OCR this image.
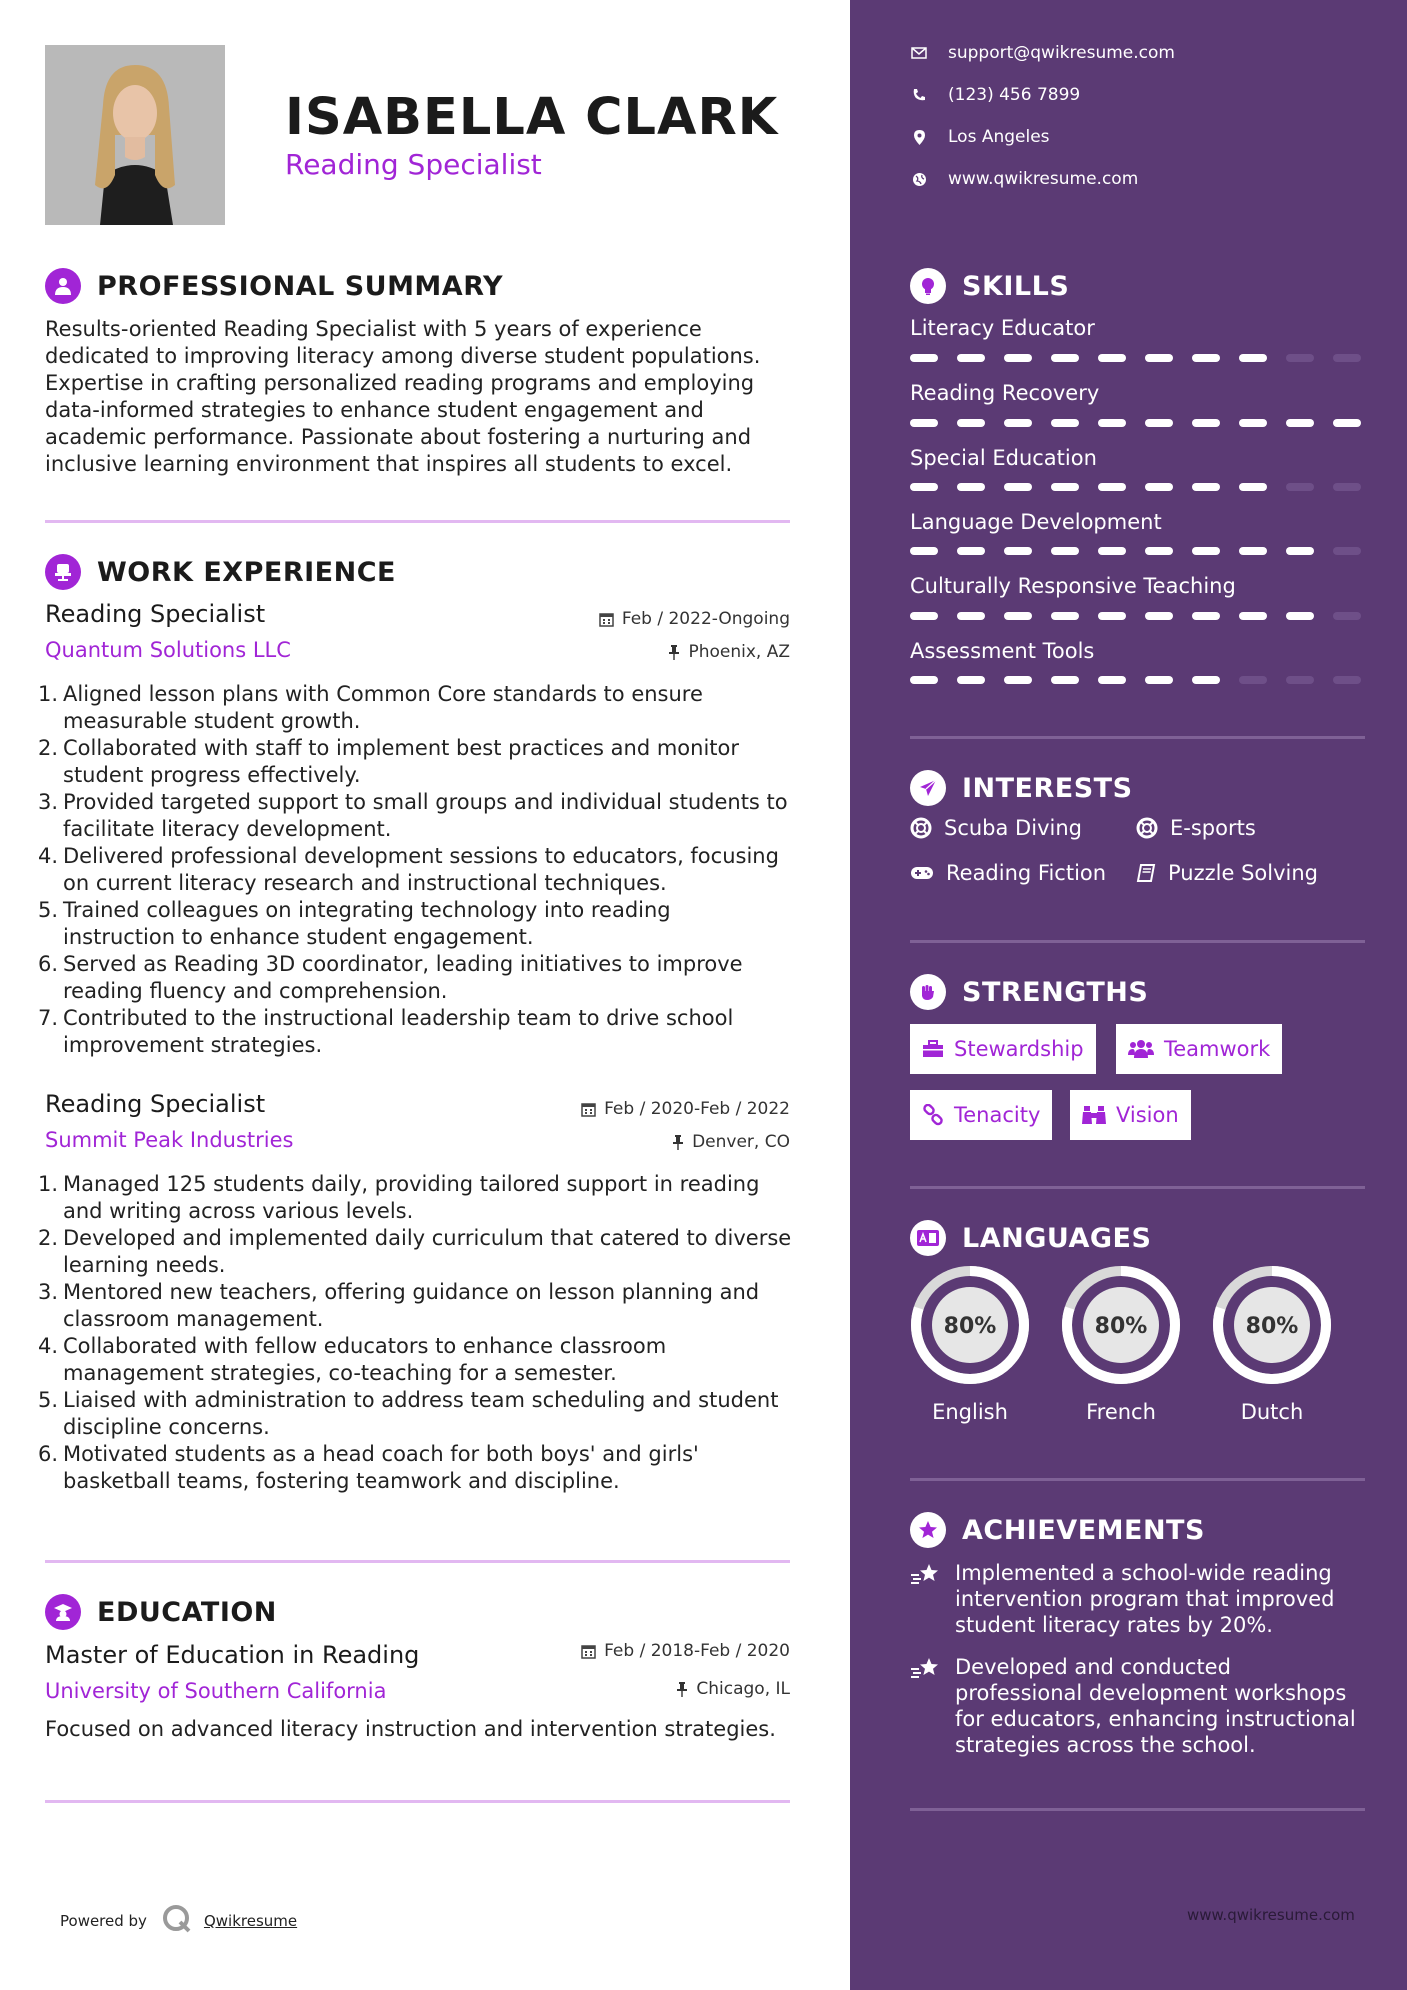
ISABELLA CLARK
Reading Specialist
PROFESSIONAL SUMMARY
Results-oriented Reading Specialist with 5 years of experience
dedicated to improving literacy among diverse student populations.
Expertise in crafting personalized reading programs and employing
data-informed strategies to enhance student engagement and
academic performance. Passionate about fostering a nurturing and
inclusive learning environment that inspires all students to excel.
WORK EXPERIENCE
Reading Specialist
Quantum Solutions LLC
Feb / 2022-Ongoing
Phoenix, AZ
1. Aligned lesson plans with Common Core standards to ensure
measurable student growth.
2. Collaborated with staff to implement best practices and monitor
student progress effectively.
3. Provided targeted support to small groups and individual students to
facilitate literacy development.
4. Delivered professional development sessions to educators, focusing
on current literacy research and instructional techniques.
5. Trained colleagues on integrating technology into reading
instruction to enhance student engagement.
6. Served as Reading 3D coordinator, leading initiatives to improve
reading fluency and comprehension.
7. Contributed to the instructional leadership team to drive school
improvement strategies.
Reading Specialist
Summit Peak Industries
Feb / 2020-Feb / 2022
Denver, CO
1. Managed 125 students daily, providing tailored support in reading
and writing across various levels.
2. Developed and implemented daily curriculum that catered to diverse
learning needs.
3. Mentored new teachers, offering guidance on lesson planning and
classroom management.
4. Collaborated with fellow educators to enhance classroom
management strategies, co-teaching for a semester.
5. Liaised with administration to address team scheduling and student
discipline concerns.
6. Motivated students as a head coach for both boys' and girls'
basketball teams, fostering teamwork and discipline.
EDUCATION
Master of Education in Reading
University of Southern California
Feb / 2018-Feb / 2020
Chicago, IL
Focused on advanced literacy instruction and intervention strategies.
Powered by	Qwikresume
support@qwikresume.com
(123) 456 7899
Los Angeles
www.qwikresume.com
SKILLS
Literacy Educator
Reading Recovery
Special Education
Language Development
Culturally Responsive Teaching
Assessment Tools
INTERESTS
Scuba Diving	E-sports
Reading Fiction	Puzzle Solving
STRENGTHS
Stewardship	Teamwork
Tenacity	Vision
LANGUAGES
80%
English
80%
French
80%
Dutch
ACHIEVEMENTS
Implemented a school-wide reading
intervention program that improved
student literacy rates by 20%.
Developed and conducted
professional development workshops
for educators, enhancing instructional
strategies across the school.
www.qwikresume.com
